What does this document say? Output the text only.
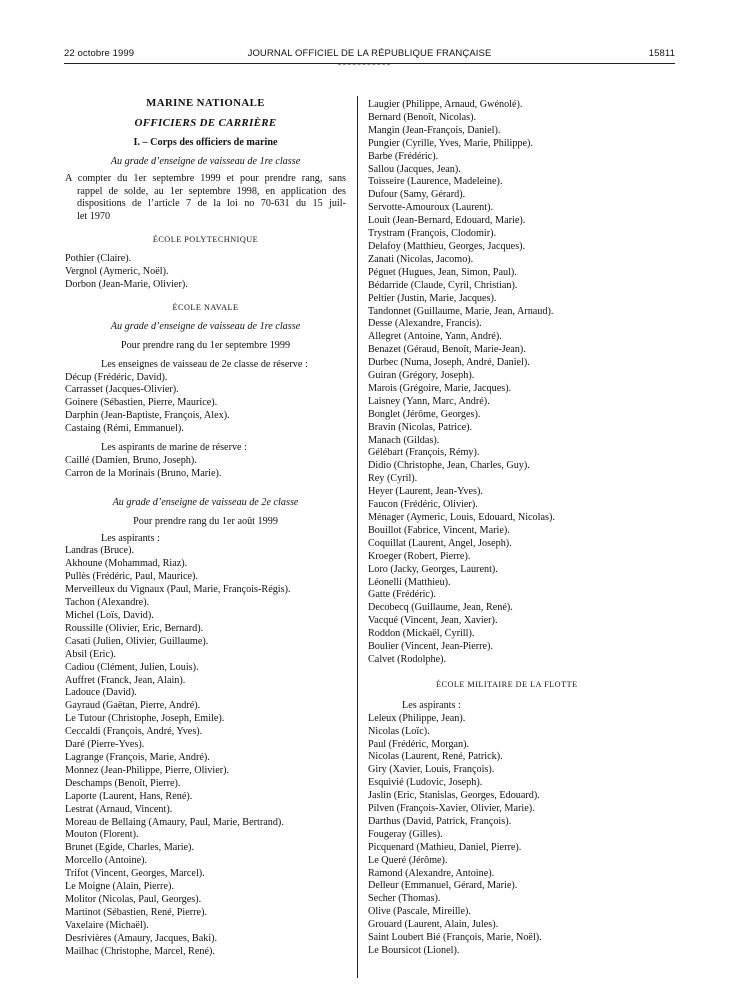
22 octobre 1999	JOURNAL OFFICIEL DE LA RÉPUBLIQUE FRANÇAISE	15811
MARINE NATIONALE
OFFICIERS DE CARRIÈRE
I. – Corps des officiers de marine
Au grade d’enseigne de vaisseau de 1re classe
A compter du 1er septembre 1999 et pour prendre rang, sans
rappel de solde, au 1er septembre 1998, en application des
dispositions de l’article 7 de la loi no 70-631 du 15 juil-
let 1970
ÉCOLE POLYTECHNIQUE
Pothier (Claire).
Vergnol (Aymeric, Noël).
Dorbon (Jean-Marie, Olivier).
ÉCOLE NAVALE
Au grade d’enseigne de vaisseau de 1re classe
Pour prendre rang du 1er septembre 1999
Les enseignes de vaisseau de 2e classe de réserve :
Décup (Frédéric, David).
Carrasset (Jacques-Olivier).
Goinere (Sébastien, Pierre, Maurice).
Darphin (Jean-Baptiste, François, Alex).
Castaing (Rémi, Emmanuel).
Les aspirants de marine de réserve :
Caillé (Damien, Bruno, Joseph).
Carron de la Morinais (Bruno, Marie).
Au grade d’enseigne de vaisseau de 2e classe
Pour prendre rang du 1er août 1999
Les aspirants :
Landras (Bruce).
Akhoune (Mohammad, Riaz).
Pullès (Frédéric, Paul, Maurice).
Merveilleux du Vignaux (Paul, Marie, François-Régis).
Tachon (Alexandre).
Michel (Loïs, David).
Roussille (Olivier, Eric, Bernard).
Casati (Julien, Olivier, Guillaume).
Absil (Eric).
Cadiou (Clément, Julien, Louis).
Auffret (Franck, Jean, Alain).
Ladouce (David).
Gayraud (Gaëtan, Pierre, André).
Le Tutour (Christophe, Joseph, Emile).
Ceccaldi (François, André, Yves).
Daré (Pierre-Yves).
Lagrange (François, Marie, André).
Monnez (Jean-Philippe, Pierre, Olivier).
Deschamps (Benoît, Pierre).
Laporte (Laurent, Hans, René).
Lestrat (Arnaud, Vincent).
Moreau de Bellaing (Amaury, Paul, Marie, Bertrand).
Mouton (Florent).
Brunet (Egide, Charles, Marie).
Morcello (Antoine).
Trifot (Vincent, Georges, Marcel).
Le Moigne (Alain, Pierre).
Molitor (Nicolas, Paul, Georges).
Martinot (Sébastien, René, Pierre).
Vaxelaire (Michaël).
Desrivières (Amaury, Jacques, Baki).
Mailhac (Christophe, Marcel, René).
Laugier (Philippe, Arnaud, Gwénolé).
Bernard (Benoît, Nicolas).
Mangin (Jean-François, Daniel).
Pungier (Cyrille, Yves, Marie, Philippe).
Barbe (Frédéric).
Sallou (Jacques, Jean).
Toisseire (Laurence, Madeleine).
Dufour (Samy, Gérard).
Servotte-Amouroux (Laurent).
Louit (Jean-Bernard, Edouard, Marie).
Trystram (François, Clodomir).
Delafoy (Matthieu, Georges, Jacques).
Zanati (Nicolas, Jacomo).
Péguet (Hugues, Jean, Simon, Paul).
Bédarride (Claude, Cyril, Christian).
Peltier (Justin, Marie, Jacques).
Tandonnet (Guillaume, Marie, Jean, Arnaud).
Desse (Alexandre, Francis).
Allegret (Antoine, Yann, André).
Benazet (Géraud, Benoît, Marie-Jean).
Durbec (Numa, Joseph, André, Daniel).
Guiran (Grégory, Joseph).
Marois (Grégoire, Marie, Jacques).
Laisney (Yann, Marc, André).
Bonglet (Jérôme, Georges).
Bravin (Nicolas, Patrice).
Manach (Gildas).
Gélébart (François, Rémy).
Didio (Christophe, Jean, Charles, Guy).
Rey (Cyril).
Heyer (Laurent, Jean-Yves).
Faucon (Frédéric, Olivier).
Ménager (Aymeric, Louis, Edouard, Nicolas).
Bouillot (Fabrice, Vincent, Marie).
Coquillat (Laurent, Angel, Joseph).
Kroeger (Robert, Pierre).
Loro (Jacky, Georges, Laurent).
Léonelli (Matthieu).
Gatte (Frédéric).
Decobecq (Guillaume, Jean, René).
Vacqué (Vincent, Jean, Xavier).
Roddon (Mickaël, Cyrill).
Boulier (Vincent, Jean-Pierre).
Calvet (Rodolphe).
ÉCOLE MILITAIRE DE LA FLOTTE
Les aspirants :
Leleux (Philippe, Jean).
Nicolas (Loïc).
Paul (Frédéric, Morgan).
Nicolas (Laurent, René, Patrick).
Giry (Xavier, Louis, François).
Esquivié (Ludovic, Joseph).
Jaslin (Eric, Stanislas, Georges, Edouard).
Pilven (François-Xavier, Olivier, Marie).
Darthus (David, Patrick, François).
Fougeray (Gilles).
Picquenard (Mathieu, Daniel, Pierre).
Le Queré (Jérôme).
Ramond (Alexandre, Antoine).
Delleur (Emmanuel, Gérard, Marie).
Secher (Thomas).
Olive (Pascale, Mireille).
Grouard (Laurent, Alain, Jules).
Saint Loubert Bié (François, Marie, Noël).
Le Boursicot (Lionel).
